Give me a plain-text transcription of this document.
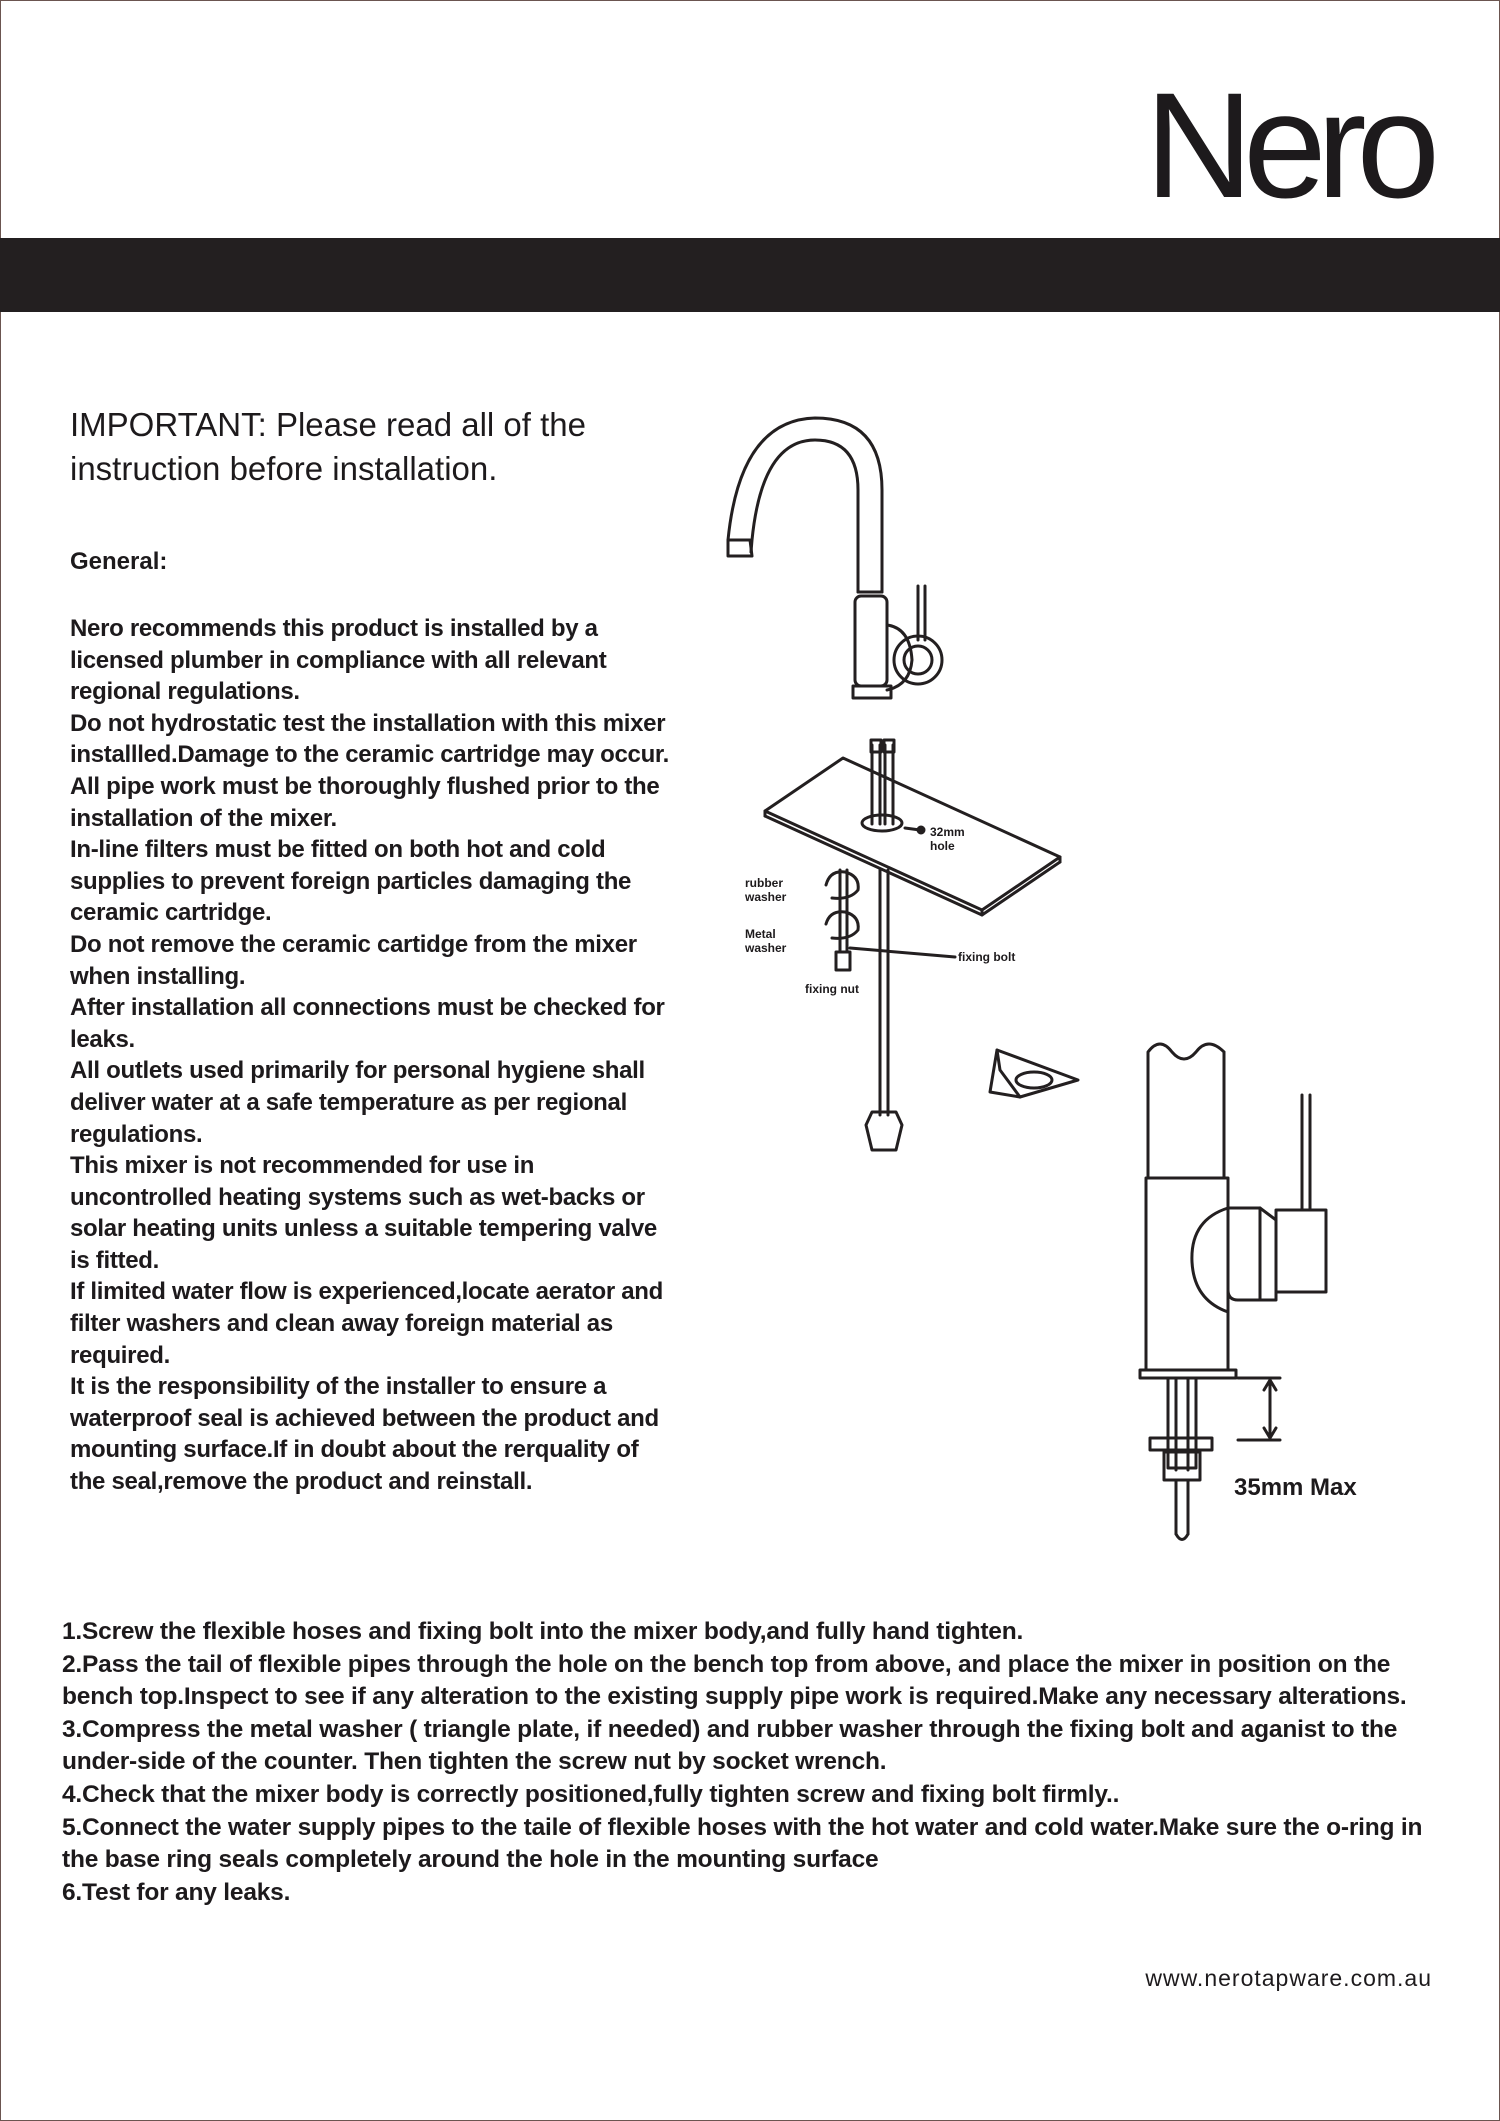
Nero
IMPORTANT: Please read all of the instruction before installation.
General:

Nero recommends this product is installed by a licensed plumber in compliance with all relevant regional regulations.

Do not hydrostatic test the installation with this mixer installled.Damage to the ceramic cartridge may occur.

All pipe work must be thoroughly flushed prior to the installation of the mixer.

In-line filters must be fitted on both hot and cold supplies to prevent foreign particles damaging the ceramic cartridge.

Do not remove the ceramic cartidge from the mixer when installing.

After installation all connections must be checked for leaks.

All outlets used primarily for personal hygiene shall deliver water at a safe temperature as per regional regulations.

This mixer is not recommended for use in uncontrolled heating systems such as wet-backs or solar heating units unless a suitable tempering valve is fitted.

If limited water flow is experienced,locate aerator and filter washers and clean away foreign material as required.

It is the responsibility of the installer to ensure a waterproof seal is achieved between the product and mounting surface.If in doubt about the rerquality of the seal,remove the product and reinstall.

32mm hole
rubber washer
Metal washer
fixing bolt
fixing nut
35mm Max

1.Screw the flexible hoses and fixing bolt into the mixer body,and fully hand tighten.

2.Pass the tail of flexible pipes through the hole on the bench top from above, and place the mixer in position on the bench top.Inspect to see if any alteration to the existing supply pipe work is required.Make any necessary alterations.

3.Compress the metal washer ( triangle plate, if needed) and rubber washer through the fixing bolt and aganist to the under-side of the counter. Then tighten the screw nut by socket wrench.

4.Check that the mixer body is correctly positioned,fully tighten screw and fixing bolt firmly..

5.Connect the water supply pipes to the taile of flexible hoses with the hot water and cold water.Make sure the o-ring in the base ring seals completely around the hole in the mounting surface

6.Test for any leaks.

www.nerotapware.com.au
